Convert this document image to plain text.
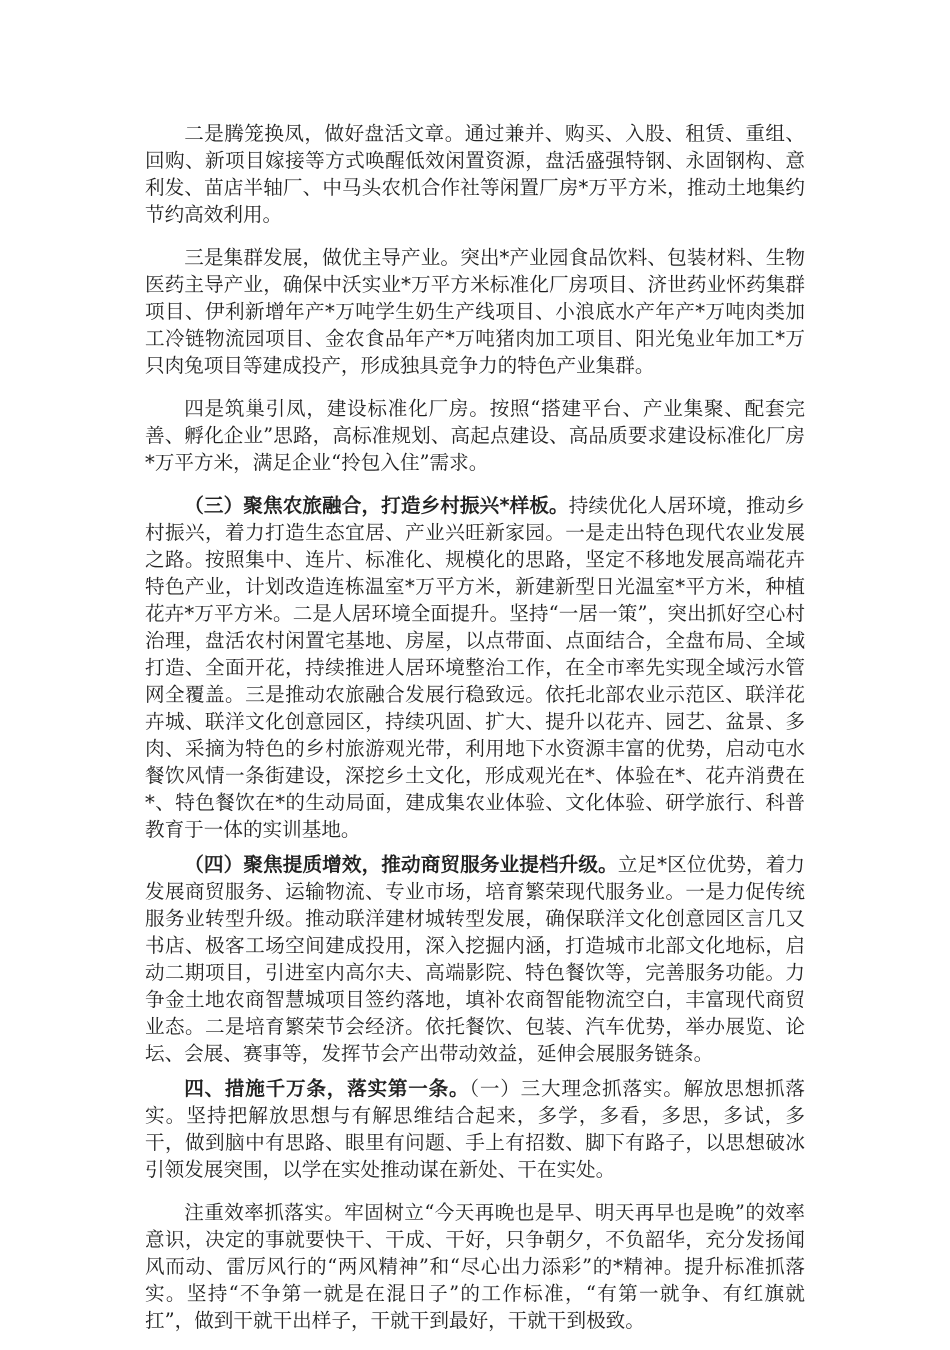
二是腾笼换凤，做好盘活文章。通过兼并、购买、入股、租赁、重组、回购、新项目嫁接等方式唤醒低效闲置资源，盘活盛强特钢、永固钢构、意利发、苗店半轴厂、中马头农机合作社等闲置厂房*万平方米，推动土地集约节约高效利用。

三是集群发展，做优主导产业。突出*产业园食品饮料、包装材料、生物医药主导产业，确保中沃实业*万平方米标准化厂房项目、济世药业怀药集群项目、伊利新增年产*万吨学生奶生产线项目、小浪底水产年产*万吨肉类加工冷链物流园项目、金农食品年产*万吨猪肉加工项目、阳光兔业年加工*万只肉兔项目等建成投产，形成独具竞争力的特色产业集群。

四是筑巢引凤，建设标准化厂房。按照“搭建平台、产业集聚、配套完善、孵化企业”思路，高标准规划、高起点建设、高品质要求建设标准化厂房*万平方米，满足企业“拎包入住”需求。

（三）聚焦农旅融合，打造乡村振兴*样板。持续优化人居环境，推动乡村振兴，着力打造生态宜居、产业兴旺新家园。一是走出特色现代农业发展之路。按照集中、连片、标准化、规模化的思路，坚定不移地发展高端花卉特色产业，计划改造连栋温室*万平方米，新建新型日光温室*平方米，种植花卉*万平方米。二是人居环境全面提升。坚持“一居一策”，突出抓好空心村治理，盘活农村闲置宅基地、房屋，以点带面、点面结合，全盘布局、全域打造、全面开花，持续推进人居环境整治工作，在全市率先实现全域污水管网全覆盖。三是推动农旅融合发展行稳致远。依托北部农业示范区、联洋花卉城、联洋文化创意园区，持续巩固、扩大、提升以花卉、园艺、盆景、多肉、采摘为特色的乡村旅游观光带，利用地下水资源丰富的优势，启动屯水餐饮风情一条街建设，深挖乡土文化，形成观光在*、体验在*、花卉消费在*、特色餐饮在*的生动局面，建成集农业体验、文化体验、研学旅行、科普教育于一体的实训基地。

（四）聚焦提质增效，推动商贸服务业提档升级。立足*区位优势，着力发展商贸服务、运输物流、专业市场，培育繁荣现代服务业。一是力促传统服务业转型升级。推动联洋建材城转型发展，确保联洋文化创意园区言几又书店、极客工场空间建成投用，深入挖掘内涵，打造城市北部文化地标，启动二期项目，引进室内高尔夫、高端影院、特色餐饮等，完善服务功能。力争金土地农商智慧城项目签约落地，填补农商智能物流空白，丰富现代商贸业态。二是培育繁荣节会经济。依托餐饮、包装、汽车优势，举办展览、论坛、会展、赛事等，发挥节会产出带动效益，延伸会展服务链条。

四、措施千万条，落实第一条。（一）三大理念抓落实。解放思想抓落实。坚持把解放思想与有解思维结合起来，多学，多看，多思，多试，多干，做到脑中有思路、眼里有问题、手上有招数、脚下有路子，以思想破冰引领发展突围，以学在实处推动谋在新处、干在实处。

注重效率抓落实。牢固树立“今天再晚也是早、明天再早也是晚”的效率意识，决定的事就要快干、干成、干好，只争朝夕，不负韶华，充分发扬闻风而动、雷厉风行的“两风精神”和“尽心出力添彩”的*精神。提升标准抓落实。坚持“不争第一就是在混日子”的工作标准，“有第一就争、有红旗就扛”，做到干就干出样子，干就干到最好，干就干到极致。
